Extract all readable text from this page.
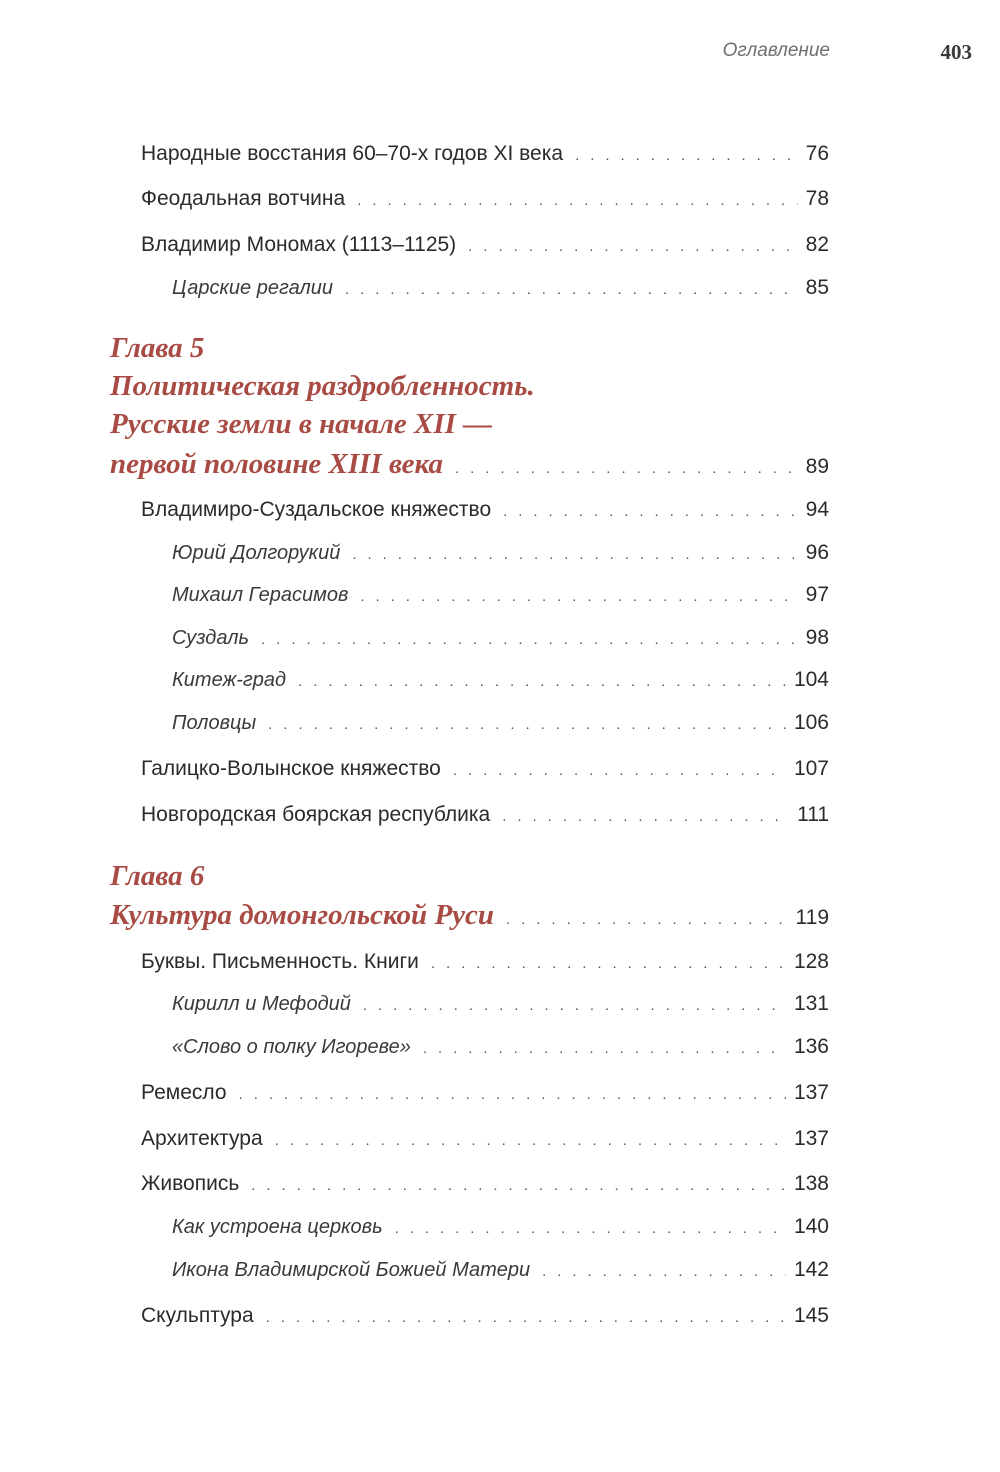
Оглавление	403
Народные восстания 60–70-х годов XI века . . .	76
Феодальная вотчина . . .	78
Владимир Мономах (1113–1125) . . .	82
Царские регалии . . .	85
Глава 5
Политическая раздробленность.
Русские земли в начале XII —
первой половине XIII века . . .	89
Владимиро-Суздальское княжество . . .	94
Юрий Долгорукий . . .	96
Михаил Герасимов . . .	97
Суздаль . . .	98
Китеж-град . . .	104
Половцы . . .	106
Галицко-Волынское княжество . . .	107
Новгородская боярская республика . . .	111
Глава 6
Культура домонгольской Руси . . .	119
Буквы. Письменность. Книги . . .	128
Кирилл и Мефодий . . .	131
«Слово о полку Игореве» . . .	136
Ремесло . . .	137
Архитектура . . .	137
Живопись . . .	138
Как устроена церковь . . .	140
Икона Владимирской Божией Матери . . .	142
Скульптура . . .	145
